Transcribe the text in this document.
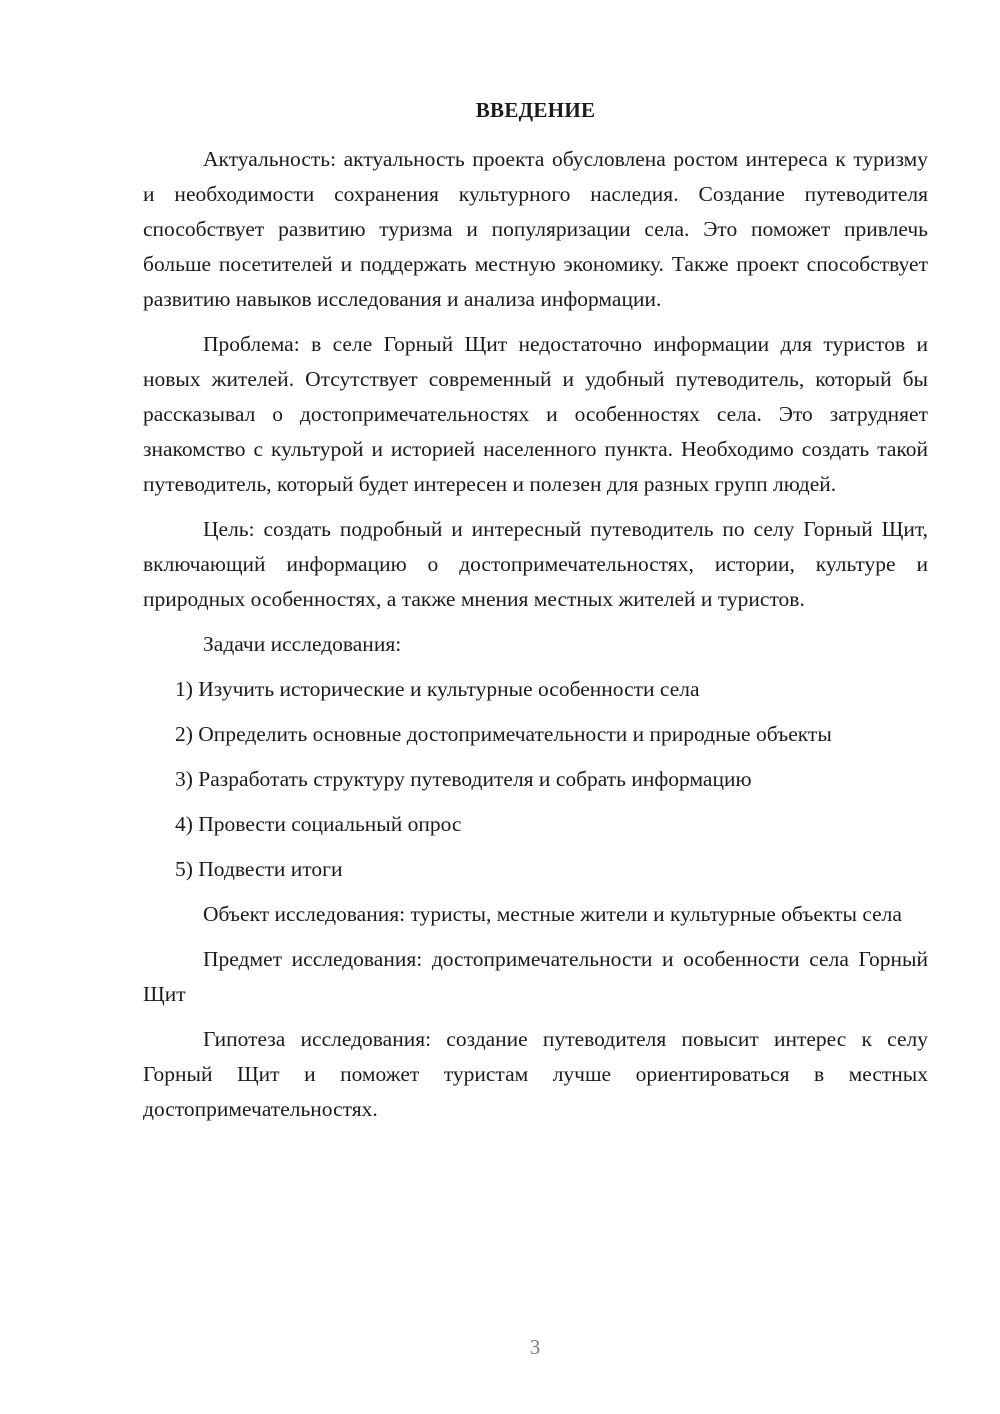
ВВЕДЕНИЕ

Актуальность: актуальность проекта обусловлена ростом интереса к туризму и необходимости сохранения культурного наследия. Создание путеводителя способствует развитию туризма и популяризации села. Это поможет привлечь больше посетителей и поддержать местную экономику. Также проект способствует развитию навыков исследования и анализа информации.

Проблема: в селе Горный Щит недостаточно информации для туристов и новых жителей. Отсутствует современный и удобный путеводитель, который бы рассказывал о достопримечательностях и особенностях села. Это затрудняет знакомство с культурой и историей населенного пункта. Необходимо создать такой путеводитель, который будет интересен и полезен для разных групп людей.

Цель: создать подробный и интересный путеводитель по селу Горный Щит, включающий информацию о достопримечательностях, истории, культуре и природных особенностях, а также мнения местных жителей и туристов.

Задачи исследования:

1) Изучить исторические и культурные особенности села

2) Определить основные достопримечательности и природные объекты

3) Разработать структуру путеводителя и собрать информацию

4) Провести социальный опрос

5) Подвести итоги

Объект исследования: туристы, местные жители и культурные объекты села

Предмет исследования: достопримечательности и особенности села Горный Щит

Гипотеза исследования: создание путеводителя повысит интерес к селу Горный Щит и поможет туристам лучше ориентироваться в местных достопримечательностях.

3
